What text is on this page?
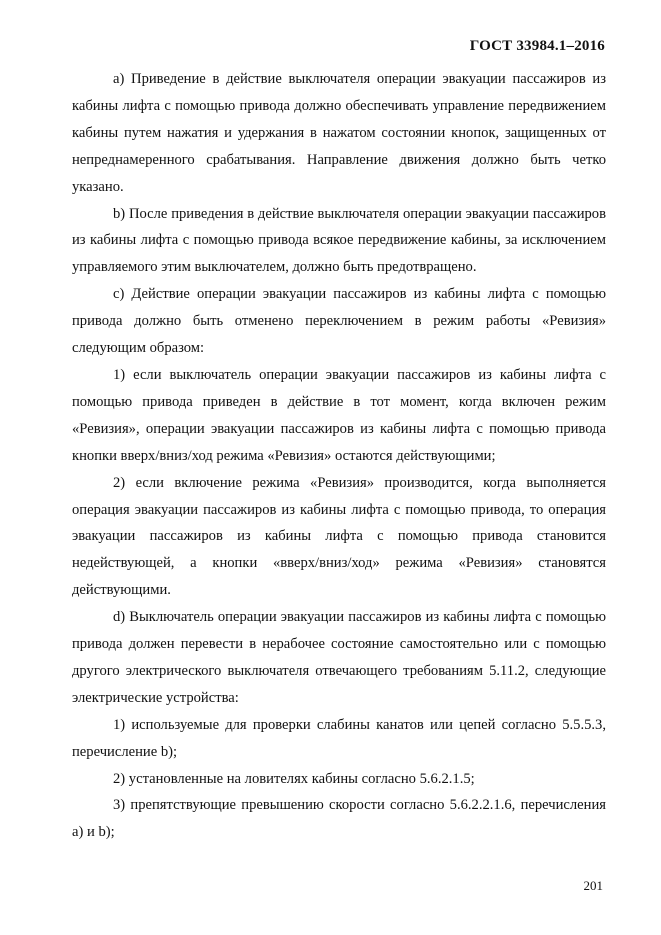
ГОСТ 33984.1–2016

a) Приведение в действие выключателя операции эвакуации пассажиров из кабины лифта с помощью привода должно обеспечивать управление передвижением кабины путем нажатия и удержания в нажатом состоянии кнопок, защищенных от непреднамеренного срабатывания. Направление движения должно быть четко указано.

b) После приведения в действие выключателя операции эвакуации пассажиров из кабины лифта с помощью привода всякое передвижение кабины, за исключением управляемого этим выключателем, должно быть предотвращено.

c) Действие операции эвакуации пассажиров из кабины лифта с помощью привода должно быть отменено переключением в режим работы «Ревизия» следующим образом:

1) если выключатель операции эвакуации пассажиров из кабины лифта с помощью привода приведен в действие в тот момент, когда включен режим «Ревизия», операции эвакуации пассажиров из кабины лифта с помощью привода кнопки вверх/вниз/ход режима «Ревизия» остаются действующими;

2) если включение режима «Ревизия» производится, когда выполняется операция эвакуации пассажиров из кабины лифта с помощью привода, то операция эвакуации пассажиров из кабины лифта с помощью привода становится недействующей, а кнопки «вверх/вниз/ход» режима «Ревизия» становятся действующими.

d) Выключатель операции эвакуации пассажиров из кабины лифта с помощью привода должен перевести в нерабочее состояние самостоятельно или с помощью другого электрического выключателя отвечающего требованиям 5.11.2, следующие электрические устройства:

1) используемые для проверки слабины канатов или цепей согласно 5.5.5.3, перечисление b);

2) установленные на ловителях кабины согласно 5.6.2.1.5;

3) препятствующие превышению скорости согласно 5.6.2.2.1.6, перечисления a) и b);

201
